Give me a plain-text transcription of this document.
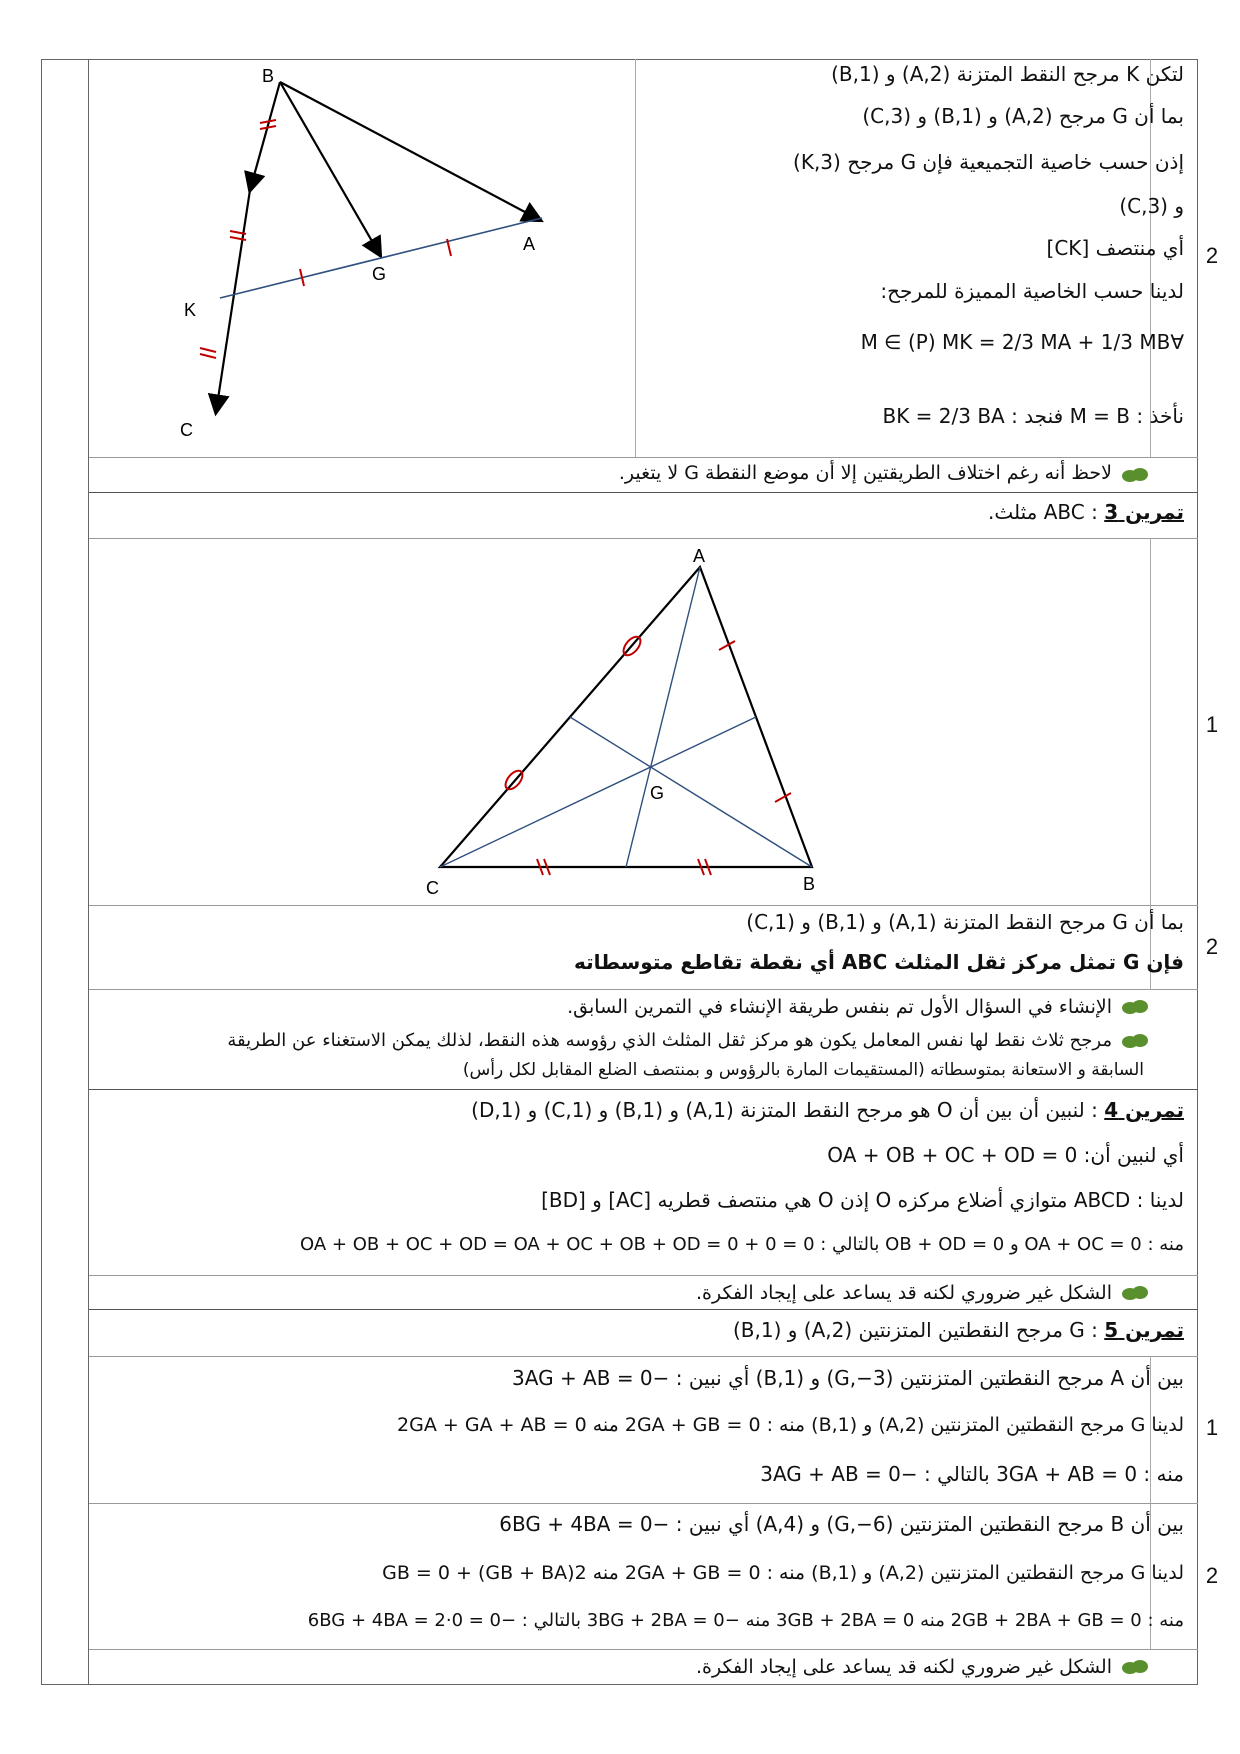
B
A
G
K
C
2
لتكن K مرجح النقط المتزنة (A,2) و (B,1)
بما أن G مرجح (A,2) و (B,1) و (C,3)
إذن حسب خاصية التجميعية فإن G مرجح (K,3)
و (C,3)
أي منتصف [CK]
لدينا حسب الخاصية المميزة للمرجح:
∀M ∈ (P) MK = 2/3 MA + 1/3 MB
نأخذ : M = B فنجد : BK = 2/3 BA
لاحظ أنه رغم اختلاف الطريقتين إلا أن موضع النقطة G لا يتغير.
تمرين 3 : ABC مثلث.
1
A
B
C
G
2
بما أن G مرجح النقط المتزنة (A,1) و (B,1) و (C,1)
فإن G تمثل مركز ثقل المثلث ABC أي نقطة تقاطع متوسطاته
الإنشاء في السؤال الأول تم بنفس طريقة الإنشاء في التمرين السابق.
مرجح ثلاث نقط لها نفس المعامل يكون هو مركز ثقل المثلث الذي رؤوسه هذه النقط، لذلك يمكن الاستغناء عن الطريقة
السابقة و الاستعانة بمتوسطاته (المستقيمات المارة بالرؤوس و بمنتصف الضلع المقابل لكل رأس)
تمرين 4 : لنبين أن بين أن O هو مرجح النقط المتزنة (A,1) و (B,1) و (C,1) و (D,1)
أي لنبين أن: OA + OB + OC + OD = 0
لدينا : ABCD متوازي أضلاع مركزه O إذن O هي منتصف قطريه [AC] و [BD]
منه : OA + OC = 0 و OB + OD = 0 بالتالي : OA + OB + OC + OD = OA + OC + OB + OD = 0 + 0 = 0
الشكل غير ضروري لكنه قد يساعد على إيجاد الفكرة.
تمرين 5 : G مرجح النقطتين المتزنتين (A,2) و (B,1)
1
بين أن A مرجح النقطتين المتزنتين (G,−3) و (B,1) أي نبين : −3AG + AB = 0
لدينا G مرجح النقطتين المتزنتين (A,2) و (B,1) منه : 2GA + GB = 0 منه 2GA + GA + AB = 0
منه : 3GA + AB = 0 بالتالي : −3AG + AB = 0
2
بين أن B مرجح النقطتين المتزنتين (G,−6) و (A,4) أي نبين : −6BG + 4BA = 0
لدينا G مرجح النقطتين المتزنتين (A,2) و (B,1) منه : 2GA + GB = 0 منه 2(GB + BA) + GB = 0
منه : 2GB + 2BA + GB = 0 منه 3GB + 2BA = 0 منه −3BG + 2BA = 0 بالتالي : −6BG + 4BA = 2·0 = 0
الشكل غير ضروري لكنه قد يساعد على إيجاد الفكرة.
